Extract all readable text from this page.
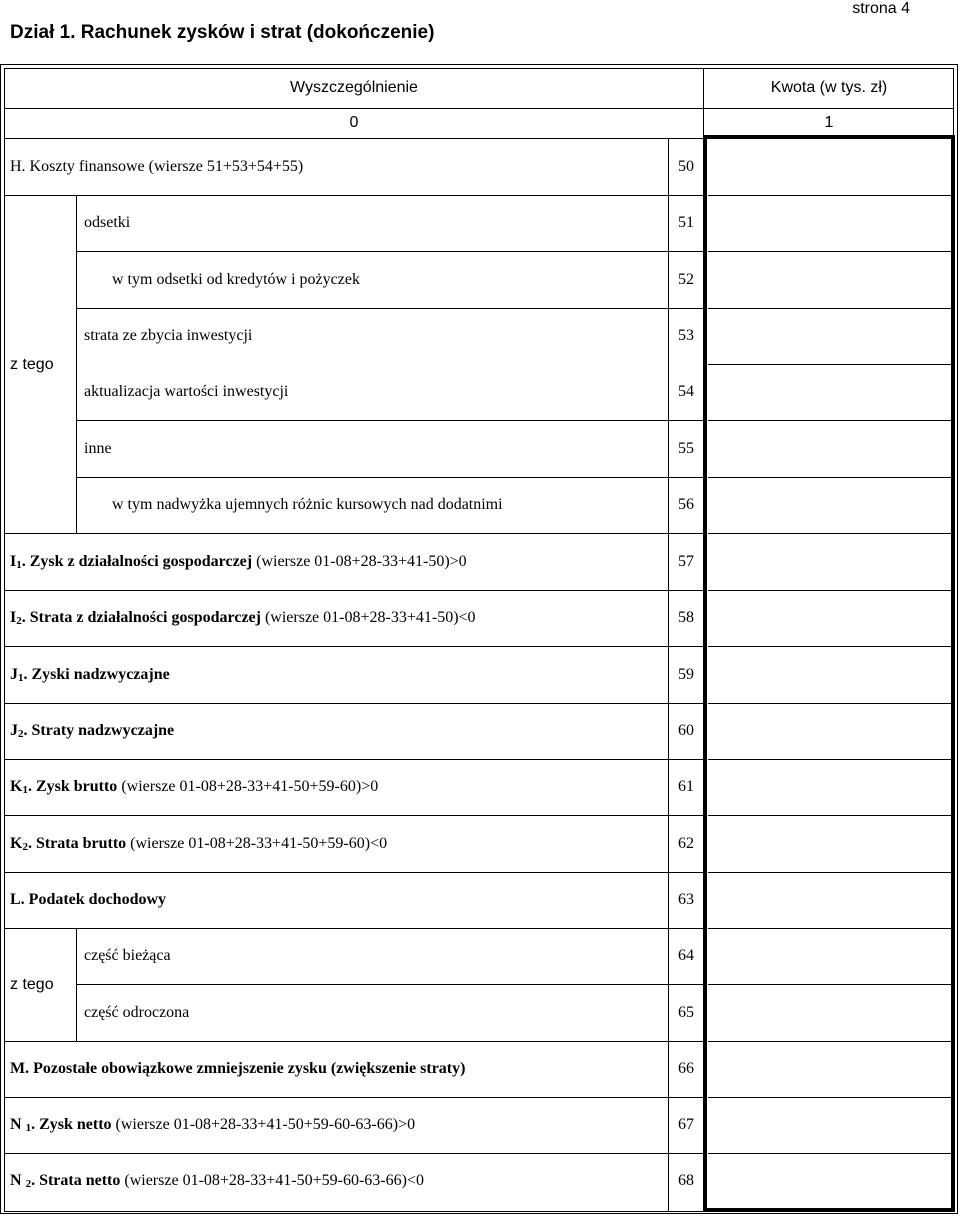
strona 4
Dział 1. Rachunek zysków i strat (dokończenie)
Wyszczególnienie	Kwota (w tys. zł)
0	1
H. Koszty finansowe (wiersze 51+53+54+55)	50
odsetki	51
w tym odsetki od kredytów i pożyczek	52
z tego
strata ze zbycia inwestycji	53
aktualizacja wartości inwestycji	54
inne	55
w tym nadwyżka ujemnych różnic kursowych nad dodatnimi	56
$I_1$. Zysk z działalności gospodarczej (wiersze 01-08+28-33+41-50)>0	57
$I_2$. Strata z działalności gospodarczej (wiersze 01-08+28-33+41-50)<0	58
$J_1$. Zyski nadzwyczajne	59
$J_2$. Straty nadzwyczajne	60
$K_1$. Zysk brutto (wiersze 01-08+28-33+41-50+59-60)>0	61
$K_2$. Strata brutto (wiersze 01-08+28-33+41-50+59-60)<0	62
L. Podatek dochodowy	63
z tego
część bieżąca	64
część odroczona	65
M. Pozostałe obowiązkowe zmniejszenie zysku (zwiększenie straty)	66
N $_1$. Zysk netto (wiersze 01-08+28-33+41-50+59-60-63-66)>0	67
N $_2$. Strata netto (wiersze 01-08+28-33+41-50+59-60-63-66)<0	68
